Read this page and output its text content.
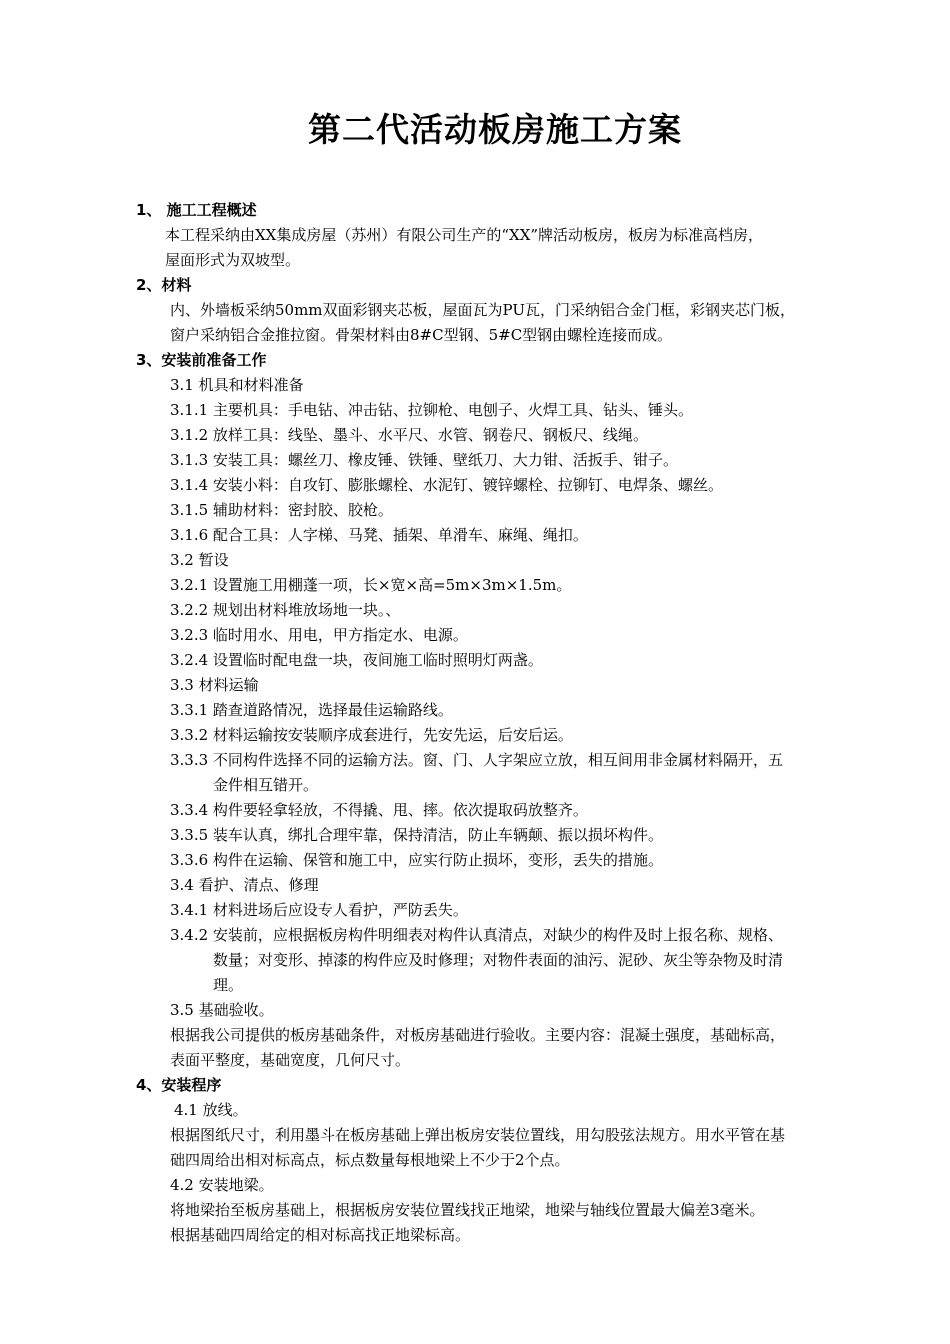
第二代活动板房施工方案
1、 施工工程概述
本工程采纳由XX集成房屋（苏州）有限公司生产的“XX”牌活动板房，板房为标准高档房，
屋面形式为双坡型。
2、材料
内、外墙板采纳50mm双面彩钢夹芯板，屋面瓦为PU瓦，门采纳铝合金门框，彩钢夹芯门板，
窗户采纳铝合金推拉窗。骨架材料由8#C型钢、5#C型钢由螺栓连接而成。
3、安装前准备工作
3.1 机具和材料准备
3.1.1 主要机具：手电钻、冲击钻、拉铆枪、电刨子、火焊工具、钻头、锤头。
3.1.2 放样工具：线坠、墨斗、水平尺、水管、钢卷尺、钢板尺、线绳。
3.1.3 安装工具：螺丝刀、橡皮锤、铁锤、壁纸刀、大力钳、活扳手、钳子。
3.1.4 安装小料：自攻钉、膨胀螺栓、水泥钉、镀锌螺栓、拉铆钉、电焊条、螺丝。
3.1.5 辅助材料：密封胶、胶枪。
3.1.6 配合工具：人字梯、马凳、插架、单滑车、麻绳、绳扣。
3.2 暂设
3.2.1 设置施工用棚蓬一项，长×宽×高=5m×3m×1.5m。
3.2.2 规划出材料堆放场地一块。、
3.2.3 临时用水、用电，甲方指定水、电源。
3.2.4 设置临时配电盘一块，夜间施工临时照明灯两盏。
3.3 材料运输
3.3.1 踏查道路情况，选择最佳运输路线。
3.3.2 材料运输按安装顺序成套进行，先安先运，后安后运。
3.3.3 不同构件选择不同的运输方法。窗、门、人字架应立放，相互间用非金属材料隔开，五
金件相互错开。
3.3.4 构件要轻拿轻放，不得撬、甩、摔。依次提取码放整齐。
3.3.5 装车认真，绑扎合理牢靠，保持清洁，防止车辆颠、振以损坏构件。
3.3.6 构件在运输、保管和施工中，应实行防止损坏，变形，丢失的措施。
3.4 看护、清点、修理
3.4.1 材料进场后应设专人看护，严防丢失。
3.4.2 安装前，应根据板房构件明细表对构件认真清点，对缺少的构件及时上报名称、规格、
数量；对变形、掉漆的构件应及时修理；对物件表面的油污、泥砂、灰尘等杂物及时清
理。
3.5 基础验收。
根据我公司提供的板房基础条件，对板房基础进行验收。主要内容：混凝土强度，基础标高，
表面平整度，基础宽度，几何尺寸。
4、安装程序
4.1 放线。
根据图纸尺寸，利用墨斗在板房基础上弹出板房安装位置线，用勾股弦法规方。用水平管在基
础四周给出相对标高点，标点数量每根地梁上不少于2个点。
4.2 安装地梁。
将地梁抬至板房基础上，根据板房安装位置线找正地梁，地梁与轴线位置最大偏差3毫米。
根据基础四周给定的相对标高找正地梁标高。
